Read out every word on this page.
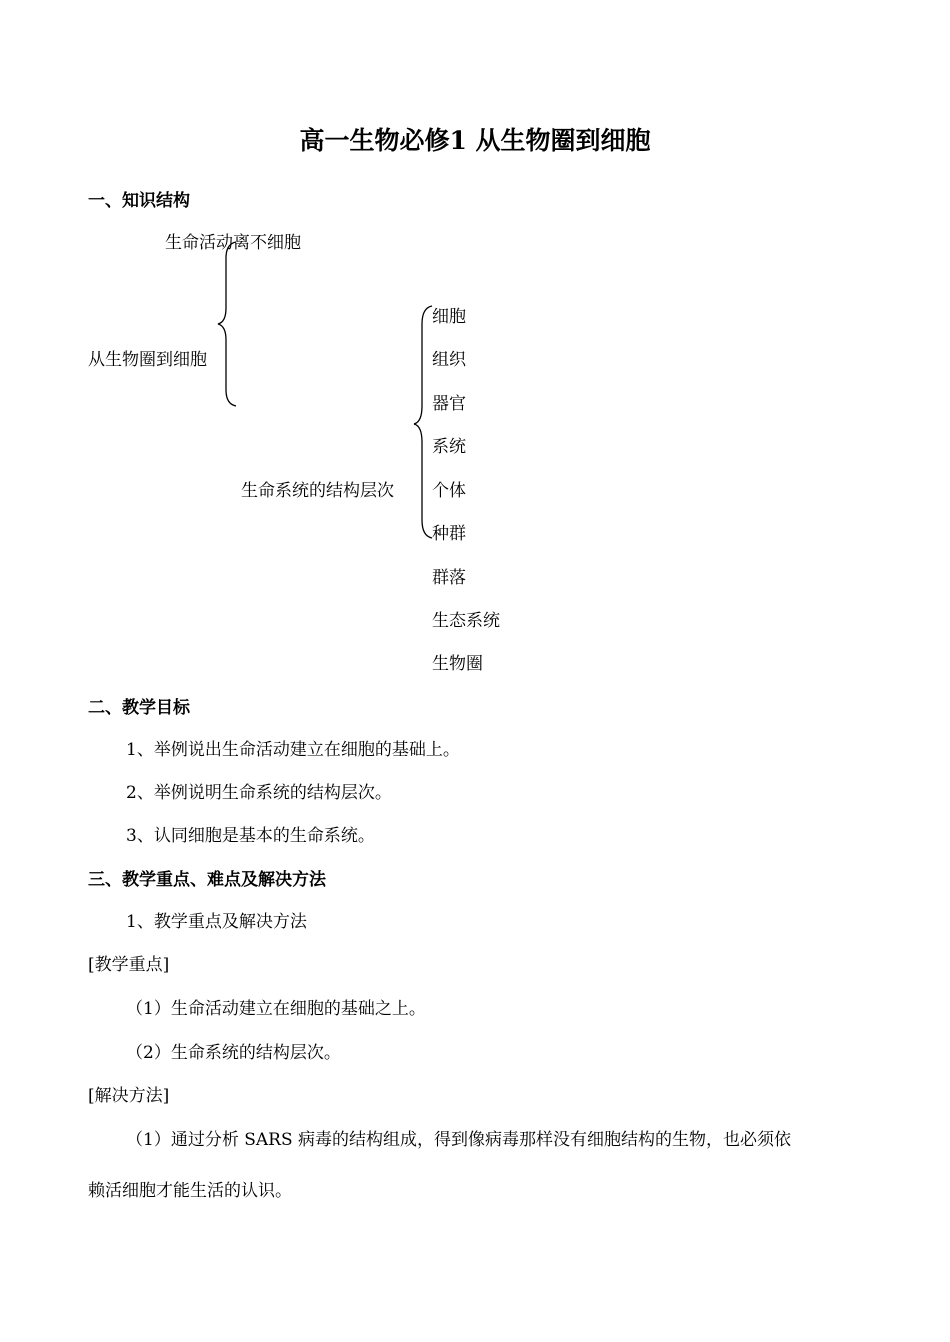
高一生物必修1 从生物圈到细胞
一、知识结构
生命活动离不细胞
从生物圈到细胞
生命系统的结构层次
细胞
组织
器官
系统
个体
种群
群落
生态系统
生物圈
二、教学目标
1、举例说出生命活动建立在细胞的基础上。
2、举例说明生命系统的结构层次。
3、认同细胞是基本的生命系统。
三、教学重点、难点及解决方法
1、教学重点及解决方法
[教学重点]
（1）生命活动建立在细胞的基础之上。
（2）生命系统的结构层次。
[解决方法]
（1）通过分析 SARS 病毒的结构组成，得到像病毒那样没有细胞结构的生物，也必须依
赖活细胞才能生活的认识。
